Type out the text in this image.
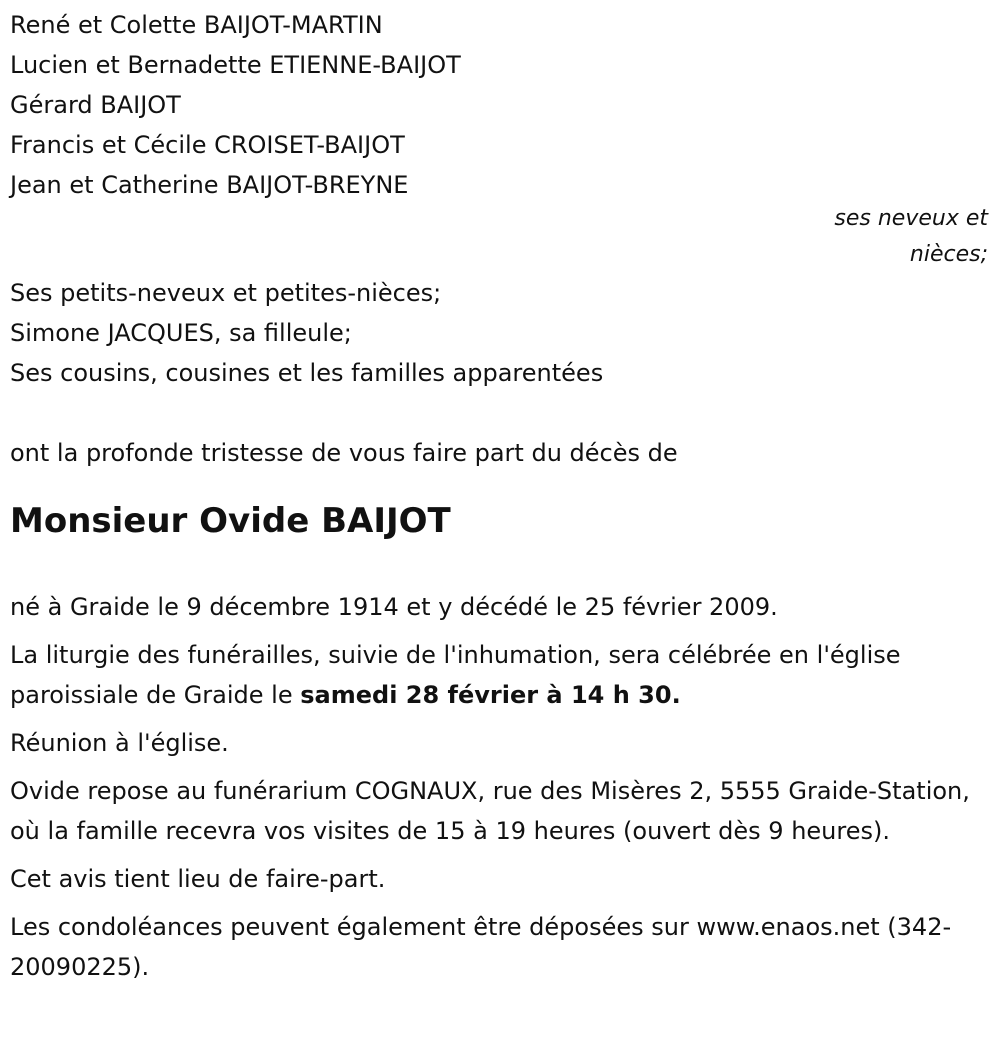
René et Colette BAIJOT-MARTIN
Lucien et Bernadette ETIENNE-BAIJOT
Gérard BAIJOT
Francis et Cécile CROISET-BAIJOT
Jean et Catherine BAIJOT-BREYNE
ses neveux et
nièces;
Ses petits-neveux et petites-nièces;
Simone JACQUES, sa filleule;
Ses cousins, cousines et les familles apparentées
ont la profonde tristesse de vous faire part du décès de
Monsieur Ovide BAIJOT

né à Graide le 9 décembre 1914 et y décédé le 25 février 2009.

La liturgie des funérailles, suivie de l'inhumation, sera célébrée en l'église paroissiale de Graide le samedi 28 février à 14 h 30.

Réunion à l'église.

Ovide repose au funérarium COGNAUX, rue des Misères 2, 5555 Graide-Station, où la famille recevra vos visites de 15 à 19 heures (ouvert dès 9 heures).

Cet avis tient lieu de faire-part.

Les condoléances peuvent également être déposées sur www.enaos.net (342-20090225).
